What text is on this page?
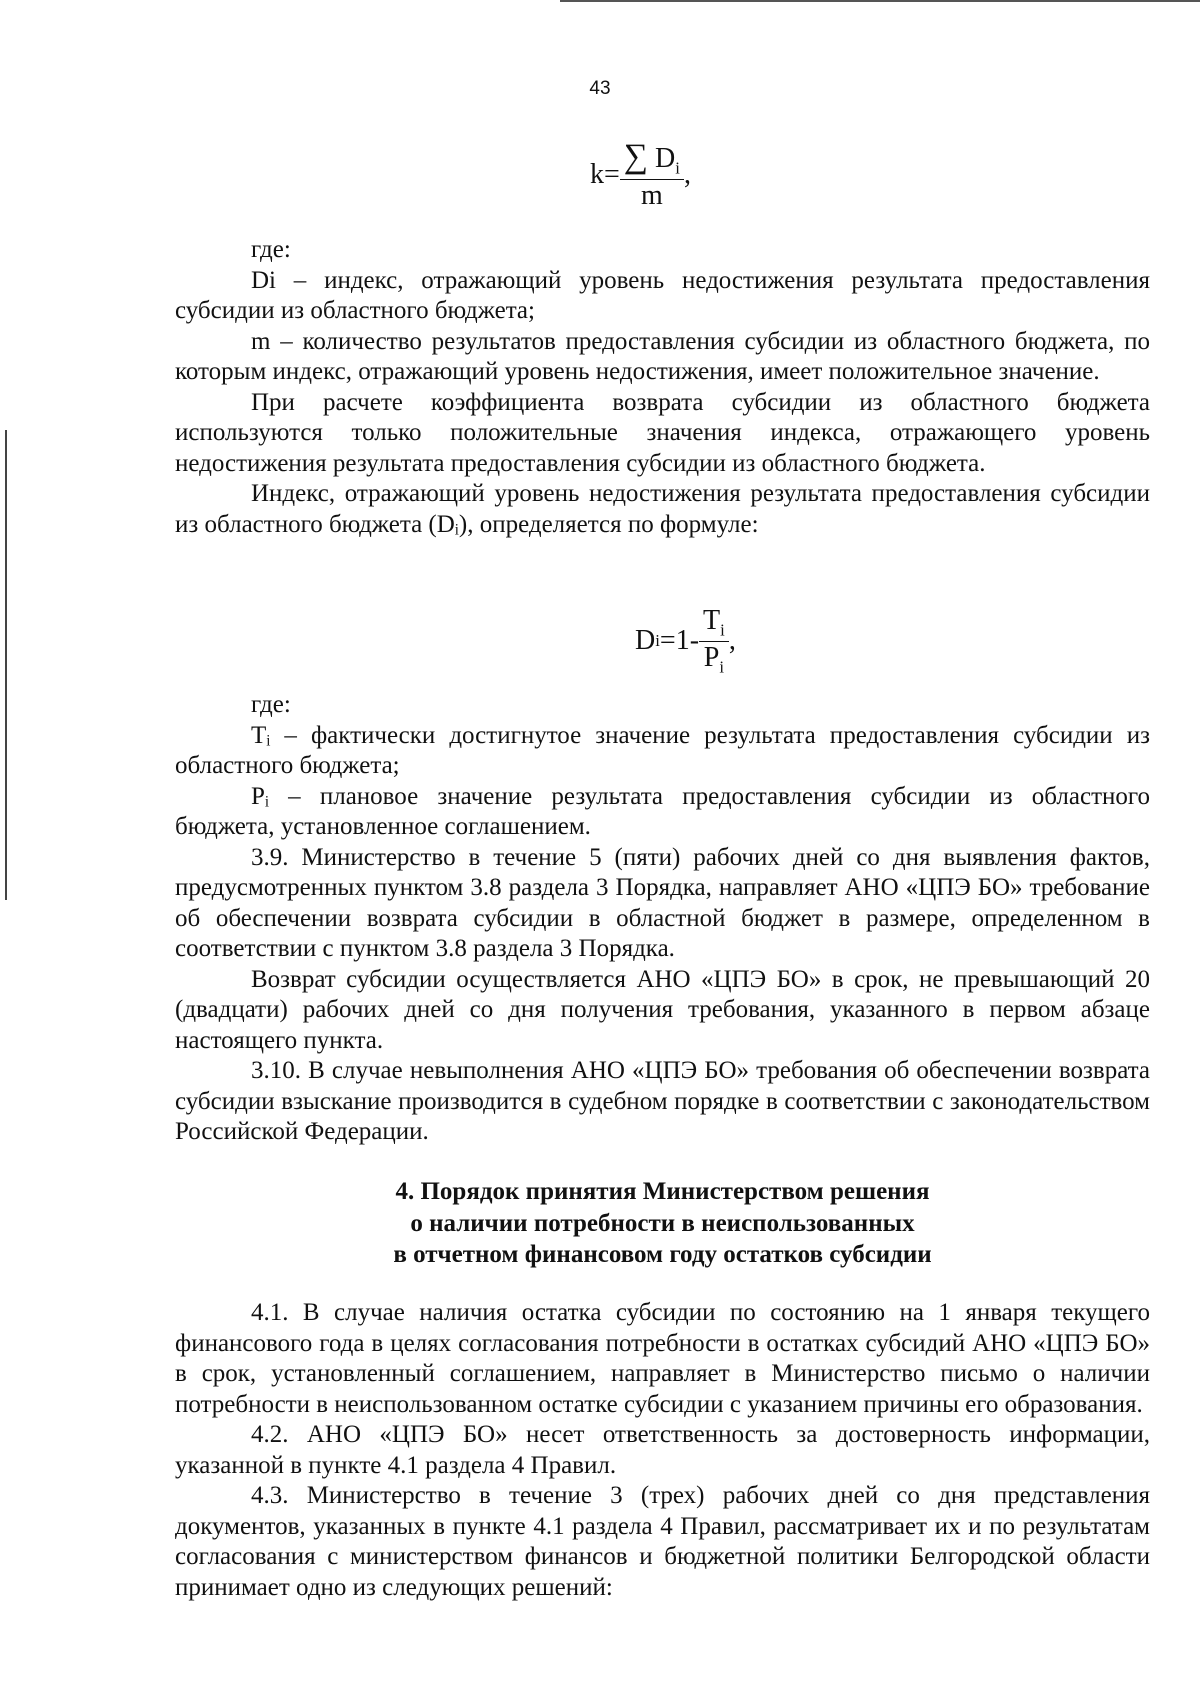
43
$k= \frac{\sum D_i}{m}$ ,

где:

Di – индекс, отражающий уровень недостижения результата предоставления субсидии из областного бюджета;

m – количество результатов предоставления субсидии из областного бюджета, по которым индекс, отражающий уровень недостижения, имеет положительное значение.

При расчете коэффициента возврата субсидии из областного бюджета используются только положительные значения индекса, отражающего уровень недостижения результата предоставления субсидии из областного бюджета.

Индекс, отражающий уровень недостижения результата предоставления субсидии из областного бюджета (Dᵢ), определяется по формуле:

$Di=1- \frac{T_i}{P_i}$ ,

где:

Tᵢ – фактически достигнутое значение результата предоставления субсидии из областного бюджета;

Pᵢ – плановое значение результата предоставления субсидии из областного бюджета, установленное соглашением.

3.9. Министерство в течение 5 (пяти) рабочих дней со дня выявления фактов, предусмотренных пунктом 3.8 раздела 3 Порядка, направляет АНО «ЦПЭ БО» требование об обеспечении возврата субсидии в областной бюджет в размере, определенном в соответствии с пунктом 3.8 раздела 3 Порядка.

Возврат субсидии осуществляется АНО «ЦПЭ БО» в срок, не превышающий 20 (двадцати) рабочих дней со дня получения требования, указанного в первом абзаце настоящего пункта.

3.10. В случае невыполнения АНО «ЦПЭ БО» требования об обеспечении возврата субсидии взыскание производится в судебном порядке в соответствии с законодательством Российской Федерации.

4. Порядок принятия Министерством решения
о наличии потребности в неиспользованных
в отчетном финансовом году остатков субсидии

4.1. В случае наличия остатка субсидии по состоянию на 1 января текущего финансового года в целях согласования потребности в остатках субсидий АНО «ЦПЭ БО» в срок, установленный соглашением, направляет в Министерство письмо о наличии потребности в неиспользованном остатке субсидии с указанием причины его образования.

4.2. АНО «ЦПЭ БО» несет ответственность за достоверность информации, указанной в пункте 4.1 раздела 4 Правил.

4.3. Министерство в течение 3 (трех) рабочих дней со дня представления документов, указанных в пункте 4.1 раздела 4 Правил, рассматривает их и по результатам согласования с министерством финансов и бюджетной политики Белгородской области принимает одно из следующих решений:
